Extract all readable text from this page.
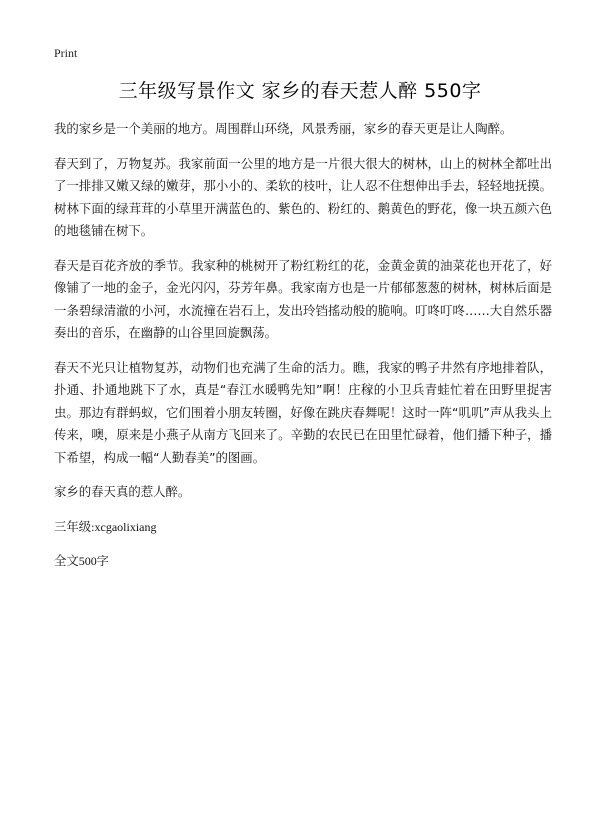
Print
三年级写景作文 家乡的春天惹人醉 550字

我的家乡是一个美丽的地方。周围群山环绕，风景秀丽，家乡的春天更是让人陶醉。

春天到了，万物复苏。我家前面一公里的地方是一片很大很大的树林，山上的树林全都吐出了一排排又嫩又绿的嫩芽，那小小的、柔软的枝叶，让人忍不住想伸出手去，轻轻地抚摸。树林下面的绿茸茸的小草里开满蓝色的、紫色的、粉红的、鹅黄色的野花，像一块五颜六色的地毯铺在树下。

春天是百花齐放的季节。我家种的桃树开了粉红粉红的花，金黄金黄的油菜花也开花了，好像铺了一地的金子，金光闪闪，芬芳年鼻。我家南方也是一片郁郁葱葱的树林，树林后面是一条碧绿清澈的小河，水流撞在岩石上，发出玲铛搖动般的脆响。叮咚叮咚……大自然乐器奏出的音乐，在幽静的山谷里回旋飘荡。

春天不光只让植物复苏，动物们也充满了生命的活力。瞧，我家的鸭子井然有序地排着队，扑通、扑通地跳下了水，真是“春江水暖鸭先知”啊！庄稼的小卫兵青蛙忙着在田野里捉害虫。那边有群蚂蚁，它们围着小朋友转圈，好像在跳庆春舞呢！这时一阵“叽叽”声从我头上传来，噢，原来是小燕子从南方飞回来了。辛勤的农民已在田里忙碌着，他们播下种子，播下希望，构成一幅“人勤春美”的图画。

家乡的春天真的惹人醉。

三年级:xcgaolixiang

全文500字
